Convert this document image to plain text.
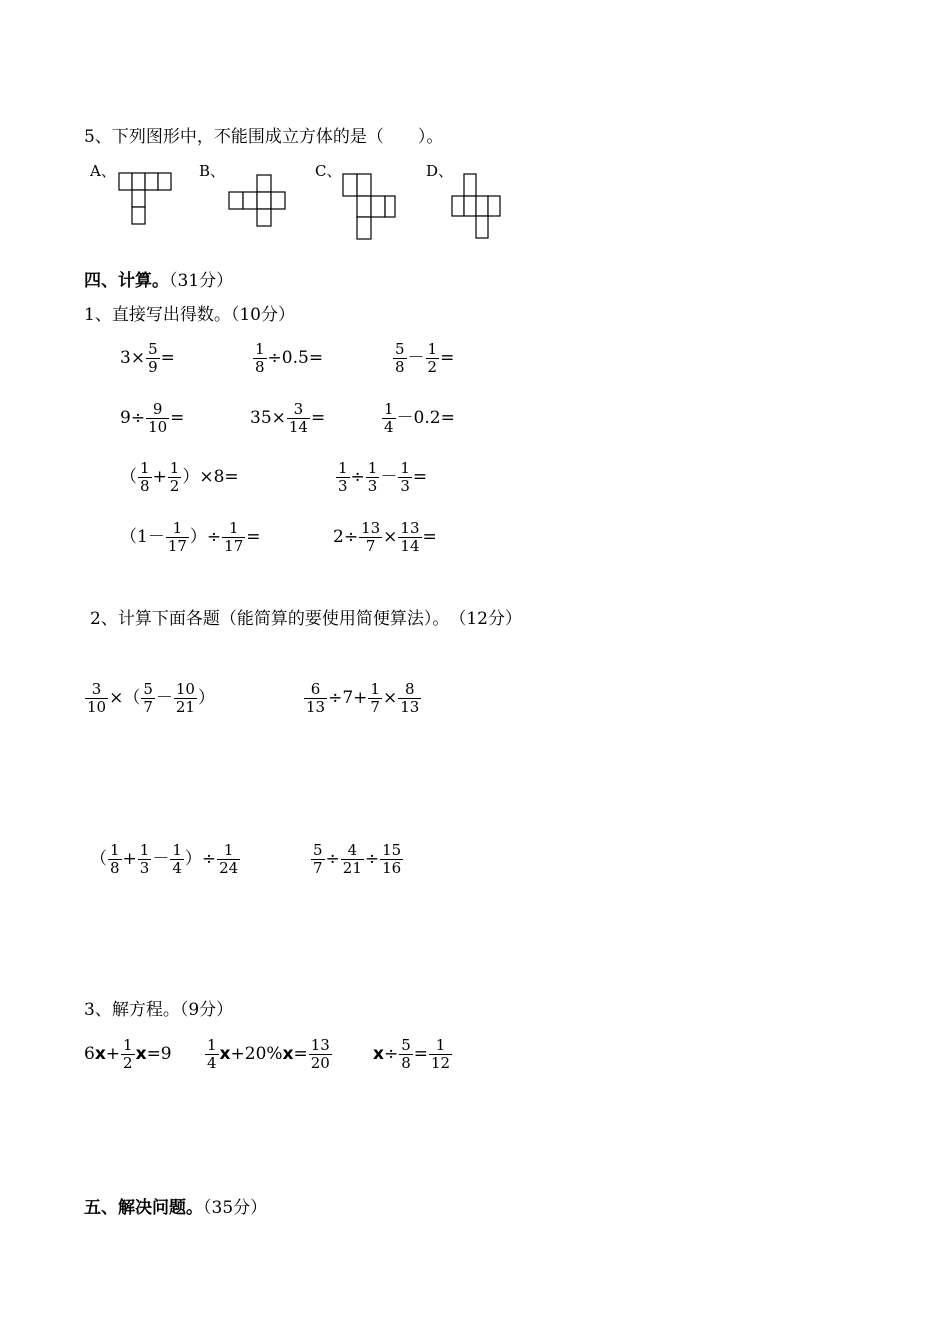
5、下列图形中，不能围成立方体的是（　　）。
A、	B、	C、	D、
四、计算。（31分）
1、直接写出得数。（10分）
$3\times \frac{5}{9}$ =	$\frac{1}{8} \div 0.5=$	$\frac{5}{8} - \frac{1}{2}$ =
$9\div \frac{9}{10}$ =	$35\times \frac{3}{14}$ =	$\frac{1}{4} -0.2=$
（ $\frac{1}{8} + \frac{1}{2} )\times 8=$	$\frac{1}{3} \div \frac{1}{3} - \frac{1}{3}$ =
（$1- \frac{1}{17}$ ）÷ $\frac{1}{17}$ =	$2\div \frac{13}{7} \times \frac{13}{14}$ =
2、计算下面各题（能简算的要使用简便算法）。　（12分）
$\frac{3}{10}$ ×（ $\frac{5}{7} - \frac{10}{21}$ ）	$\frac{6}{13} \div 7+ \frac{1}{7} \times \frac{8}{13}$
（ $\frac{1}{8} + \frac{1}{3} - \frac{1}{4}$ ）÷ $\frac{1}{24}$	$\frac{5}{7} \div \frac{4}{21} \div \frac{15}{16}$
3、解方程。（9分）
$6x+ \frac{1}{2} x=9 \frac{1}{4} x+20\%x= \frac{13}{20} x\div \frac{5}{8} = \frac{1}{12}$
五、解决问题。（35分）
